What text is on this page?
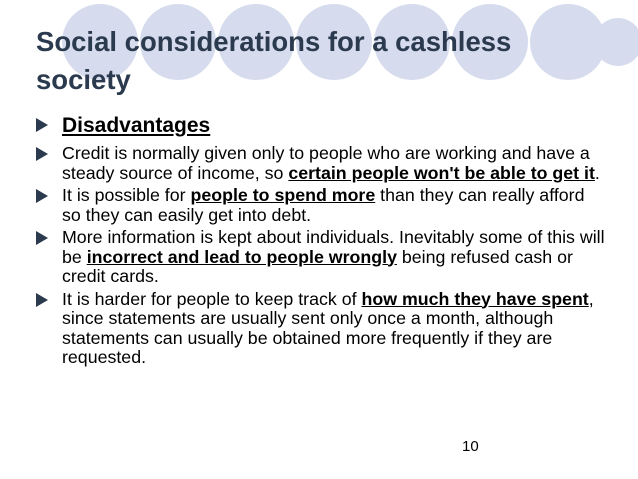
Social considerations for a cashless society
Disadvantages
Credit is normally given only to people who are working and have a steady source of income, so certain people won't be able to get it.
It is possible for people to spend more than they can really afford so they can easily get into debt.
More information is kept about individuals. Inevitably some of this will be incorrect and lead to people wrongly being refused cash or credit cards.
It is harder for people to keep track of how much they have spent, since statements are usually sent only once a month, although statements can usually be obtained more frequently if they are requested.
10
